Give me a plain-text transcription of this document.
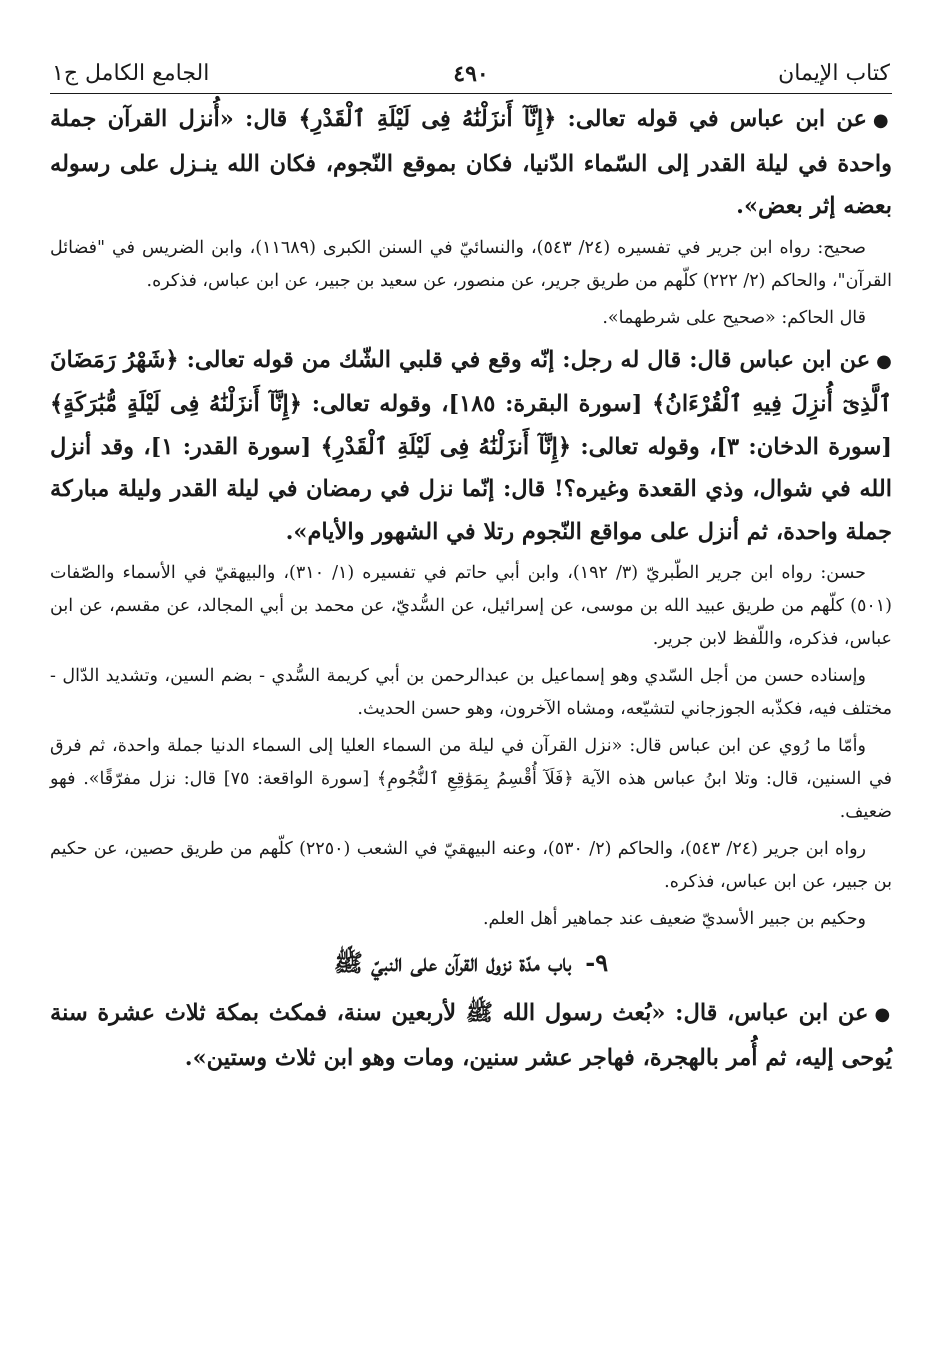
كتاب الإيمان
٤٩٠
الجامع الكامل ج١
●عن ابن عباس في قوله تعالى: ﴿إِنَّآ أَنزَلْنَٰهُ فِى لَيْلَةِ ٱلْقَدْرِ﴾ قال: «أُنزل القرآن جملة واحدة في ليلة القدر إلى السّماء الدّنيا، فكان بموقع النّجوم، فكان الله ينـزل على رسوله بعضه إثر بعض».
صحيح: رواه ابن جرير في تفسيره (٢٤/ ٥٤٣)، والنسائيّ في السنن الكبرى (١١٦٨٩)، وابن الضريس في "فضائل القرآن"، والحاكم (٢/ ٢٢٢) كلّهم من طريق جرير، عن منصور، عن سعيد بن جبير، عن ابن عباس، فذكره.
قال الحاكم: «صحيح على شرطهما».
●عن ابن عباس قال: قال له رجل: إنّه وقع في قلبي الشّك من قوله تعالى: ﴿شَهْرُ رَمَضَانَ ٱلَّذِىٓ أُنزِلَ فِيهِ ٱلْقُرْءَانُ﴾ [سورة البقرة: ١٨٥]، وقوله تعالى: ﴿إِنَّآ أَنزَلْنَٰهُ فِى لَيْلَةٍ مُّبَٰرَكَةٍ﴾ [سورة الدخان: ٣]، وقوله تعالى: ﴿إِنَّآ أَنزَلْنَٰهُ فِى لَيْلَةِ ٱلْقَدْرِ﴾ [سورة القدر: ١]، وقد أنزل الله في شوال، وذي القعدة وغيره؟! قال: إنّما نزل في رمضان في ليلة القدر وليلة مباركة جملة واحدة، ثم أنزل على مواقع النّجوم رتلا في الشهور والأيام».
حسن: رواه ابن جرير الطّبريّ (٣/ ١٩٢)، وابن أبي حاتم في تفسيره (١/ ٣١٠)، والبيهقيّ في الأسماء والصّفات (٥٠١) كلّهم من طريق عبيد الله بن موسى، عن إسرائيل، عن السُّديّ، عن محمد بن أبي المجالد، عن مقسم، عن ابن عباس، فذكره، واللّفظ لابن جرير.
وإسناده حسن من أجل السّدي وهو إسماعيل بن عبدالرحمن بن أبي كريمة السُّدي - بضم السين، وتشديد الدّال - مختلف فيه، فكذّبه الجوزجاني لتشيّعه، ومشاه الآخرون، وهو حسن الحديث.
وأمّا ما رُوي عن ابن عباس قال: «نزل القرآن في ليلة من السماء العليا إلى السماء الدنيا جملة واحدة، ثم فرق في السنين، قال: وتلا ابنُ عباس هذه الآية ﴿فَلَآ أُقْسِمُ بِمَوَٰقِعِ ٱلنُّجُومِ﴾ [سورة الواقعة: ٧٥] قال: نزل مفرّقًا». فهو ضعيف.
رواه ابن جرير (٢٤/ ٥٤٣)، والحاكم (٢/ ٥٣٠)، وعنه البيهقيّ في الشعب (٢٢٥٠) كلّهم من طريق حصين، عن حكيم بن جبير، عن ابن عباس، فذكره.
وحكيم بن جبير الأسديّ ضعيف عند جماهير أهل العلم.
٩-باب مدّة نزول القرآن على النبيّ ﷺ
●عن ابن عباس، قال: «بُعث رسول الله ﷺ لأربعين سنة، فمكث بمكة ثلاث عشرة سنة يُوحى إليه، ثم أُمر بالهجرة، فهاجر عشر سنين، ومات وهو ابن ثلاث وستين».
